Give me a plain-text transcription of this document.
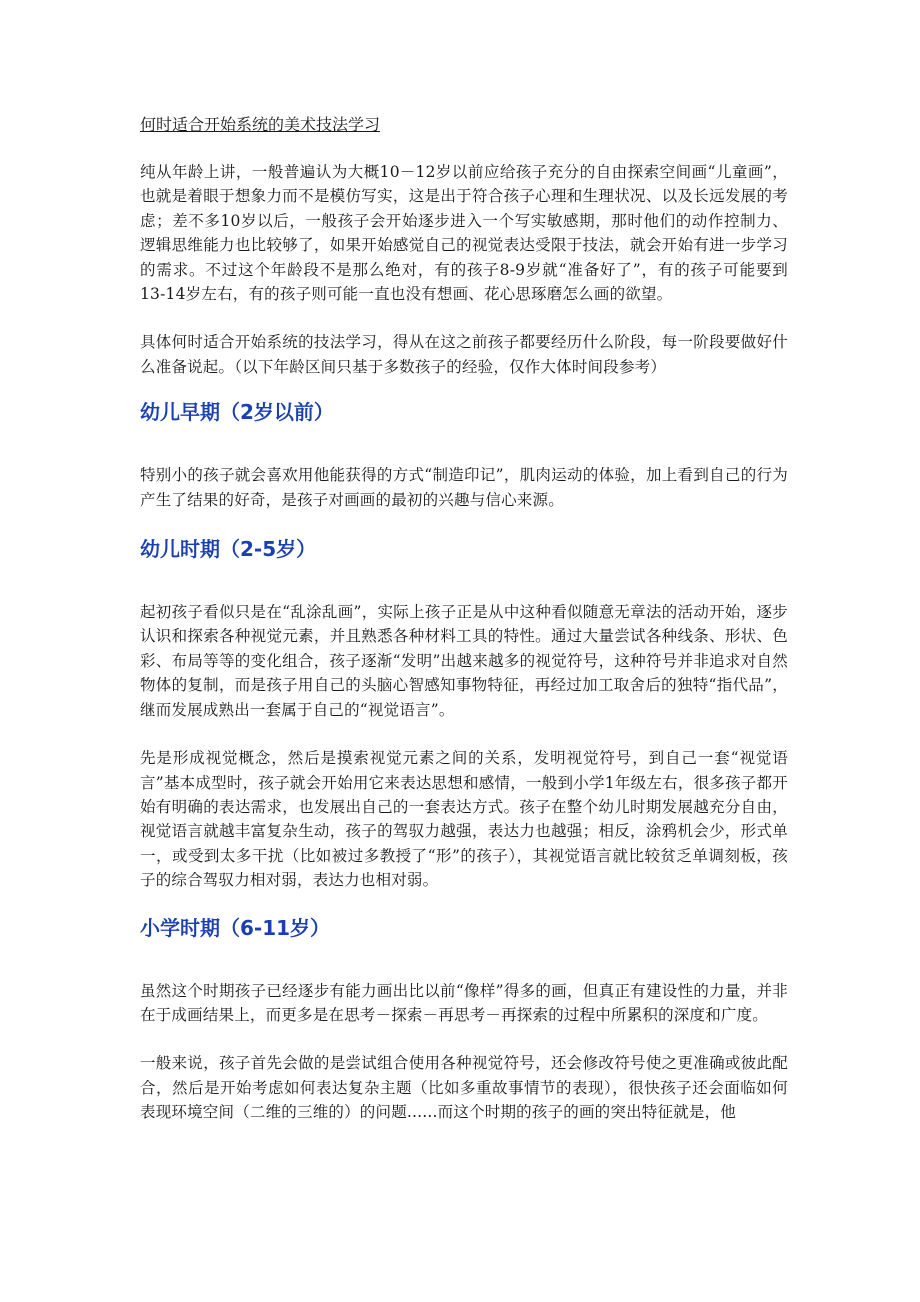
何时适合开始系统的美术技法学习

纯从年龄上讲，一般普遍认为大概10－12岁以前应给孩子充分的自由探索空间画“儿童画”，也就是着眼于想象力而不是模仿写实，这是出于符合孩子心理和生理状况、以及长远发展的考虑；差不多10岁以后，一般孩子会开始逐步进入一个写实敏感期，那时他们的动作控制力、逻辑思维能力也比较够了，如果开始感觉自己的视觉表达受限于技法，就会开始有进一步学习的需求。不过这个年龄段不是那么绝对，有的孩子8-9岁就“准备好了”，有的孩子可能要到13-14岁左右，有的孩子则可能一直也没有想画、花心思琢磨怎么画的欲望。

具体何时适合开始系统的技法学习，得从在这之前孩子都要经历什么阶段，每一阶段要做好什么准备说起。（以下年龄区间只基于多数孩子的经验，仅作大体时间段参考）

幼儿早期（2岁以前）

特别小的孩子就会喜欢用他能获得的方式“制造印记”，肌肉运动的体验，加上看到自己的行为产生了结果的好奇，是孩子对画画的最初的兴趣与信心来源。

幼儿时期（2-5岁）

起初孩子看似只是在“乱涂乱画”，实际上孩子正是从中这种看似随意无章法的活动开始，逐步认识和探索各种视觉元素，并且熟悉各种材料工具的特性。通过大量尝试各种线条、形状、色彩、布局等等的变化组合，孩子逐渐“发明”出越来越多的视觉符号，这种符号并非追求对自然物体的复制，而是孩子用自己的头脑心智感知事物特征，再经过加工取舍后的独特“指代品”，继而发展成熟出一套属于自己的“视觉语言”。

先是形成视觉概念，然后是摸索视觉元素之间的关系，发明视觉符号，到自己一套“视觉语言”基本成型时，孩子就会开始用它来表达思想和感情，一般到小学1年级左右，很多孩子都开始有明确的表达需求，也发展出自己的一套表达方式。孩子在整个幼儿时期发展越充分自由，视觉语言就越丰富复杂生动，孩子的驾驭力越强，表达力也越强；相反，涂鸦机会少，形式单一，或受到太多干扰（比如被过多教授了“形”的孩子），其视觉语言就比较贫乏单调刻板，孩子的综合驾驭力相对弱，表达力也相对弱。

小学时期（6-11岁）

虽然这个时期孩子已经逐步有能力画出比以前“像样”得多的画，但真正有建设性的力量，并非在于成画结果上，而更多是在思考－探索－再思考－再探索的过程中所累积的深度和广度。

一般来说，孩子首先会做的是尝试组合使用各种视觉符号，还会修改符号使之更准确或彼此配合，然后是开始考虑如何表达复杂主题（比如多重故事情节的表现），很快孩子还会面临如何表现环境空间（二维的三维的）的问题......而这个时期的孩子的画的突出特征就是，他
